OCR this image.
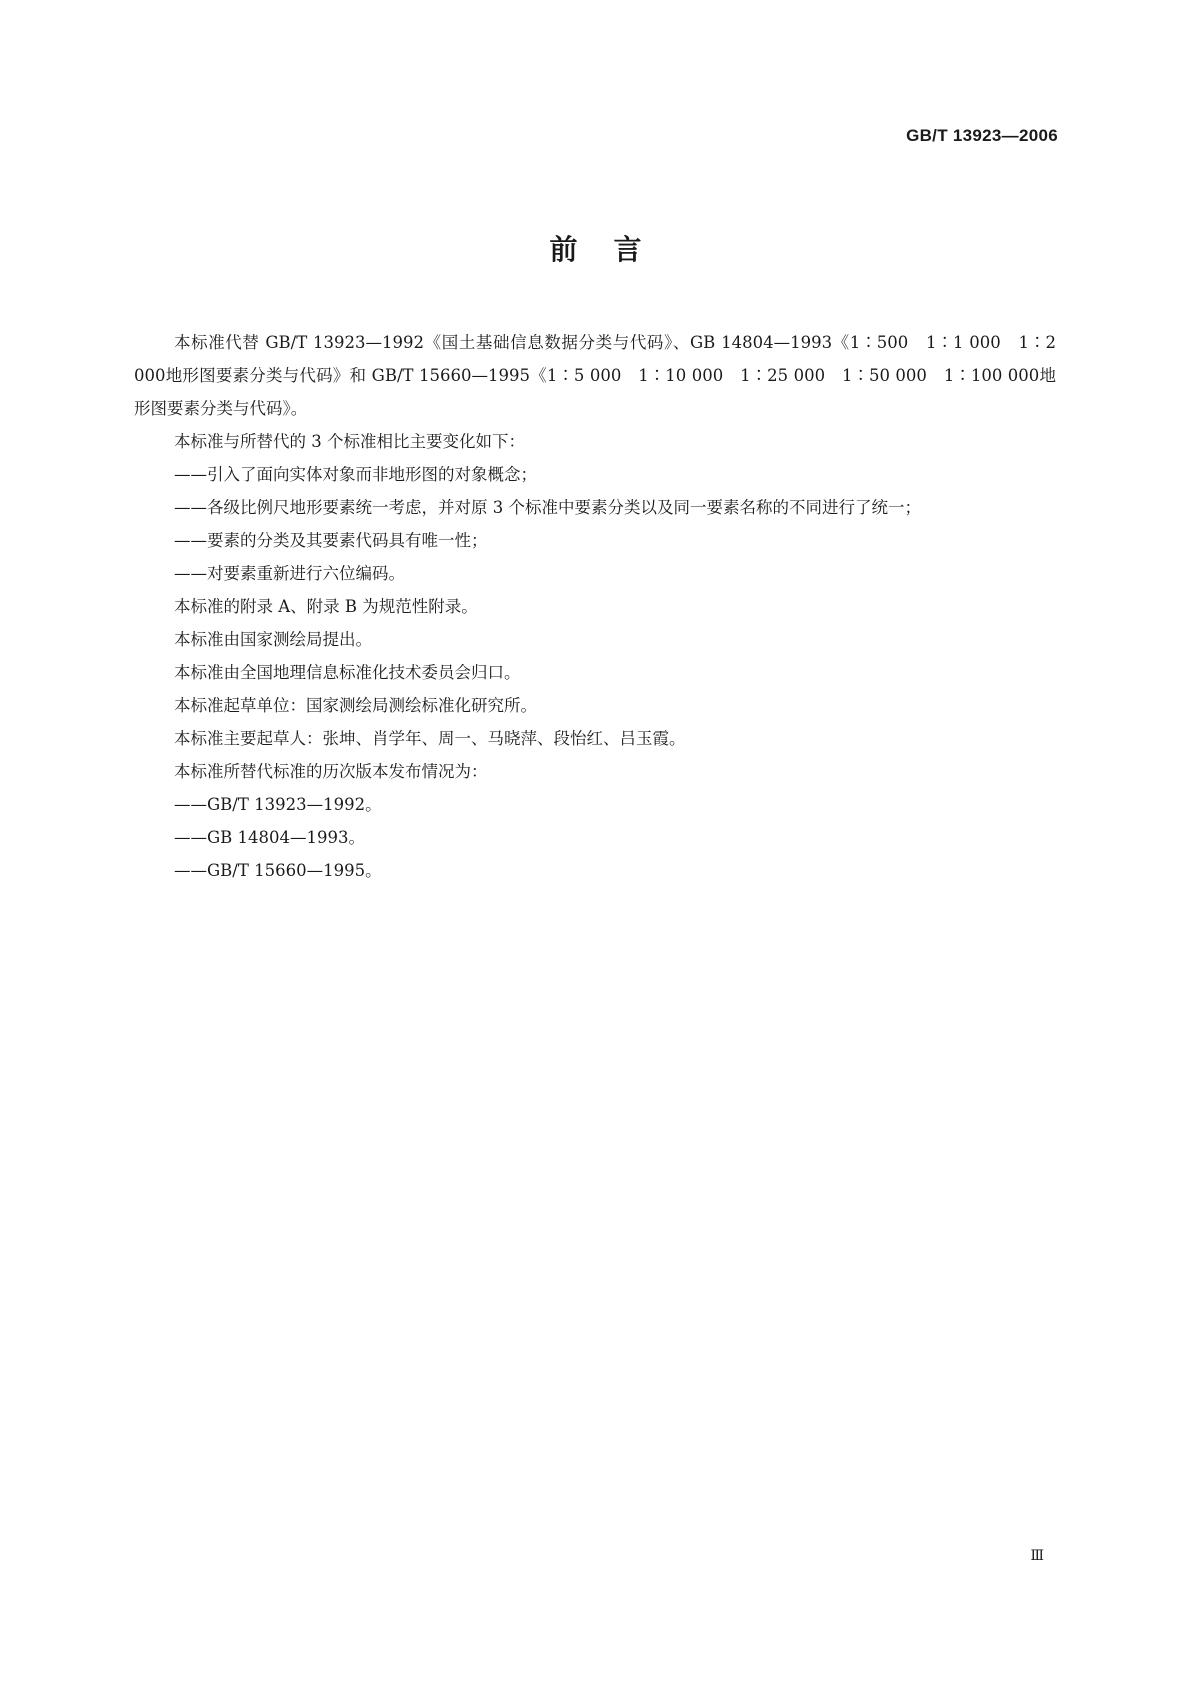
GB/T 13923—2006
前言

本标准代替 GB/T 13923—1992《国土基础信息数据分类与代码》、GB 14804—1993《1∶500　1∶1 000　1∶2 000地形图要素分类与代码》和 GB/T 15660—1995《1∶5 000　1∶10 000　1∶25 000　1∶50 000　1∶100 000地形图要素分类与代码》。

本标准与所替代的 3 个标准相比主要变化如下：

——引入了面向实体对象而非地形图的对象概念；

——各级比例尺地形要素统一考虑，并对原 3 个标准中要素分类以及同一要素名称的不同进行了统一；

——要素的分类及其要素代码具有唯一性；

——对要素重新进行六位编码。

本标准的附录 A、附录 B 为规范性附录。

本标准由国家测绘局提出。

本标准由全国地理信息标准化技术委员会归口。

本标准起草单位：国家测绘局测绘标准化研究所。

本标准主要起草人：张坤、肖学年、周一、马晓萍、段怡红、吕玉霞。

本标准所替代标准的历次版本发布情况为：

——GB/T 13923—1992。

——GB 14804—1993。

——GB/T 15660—1995。

Ⅲ
